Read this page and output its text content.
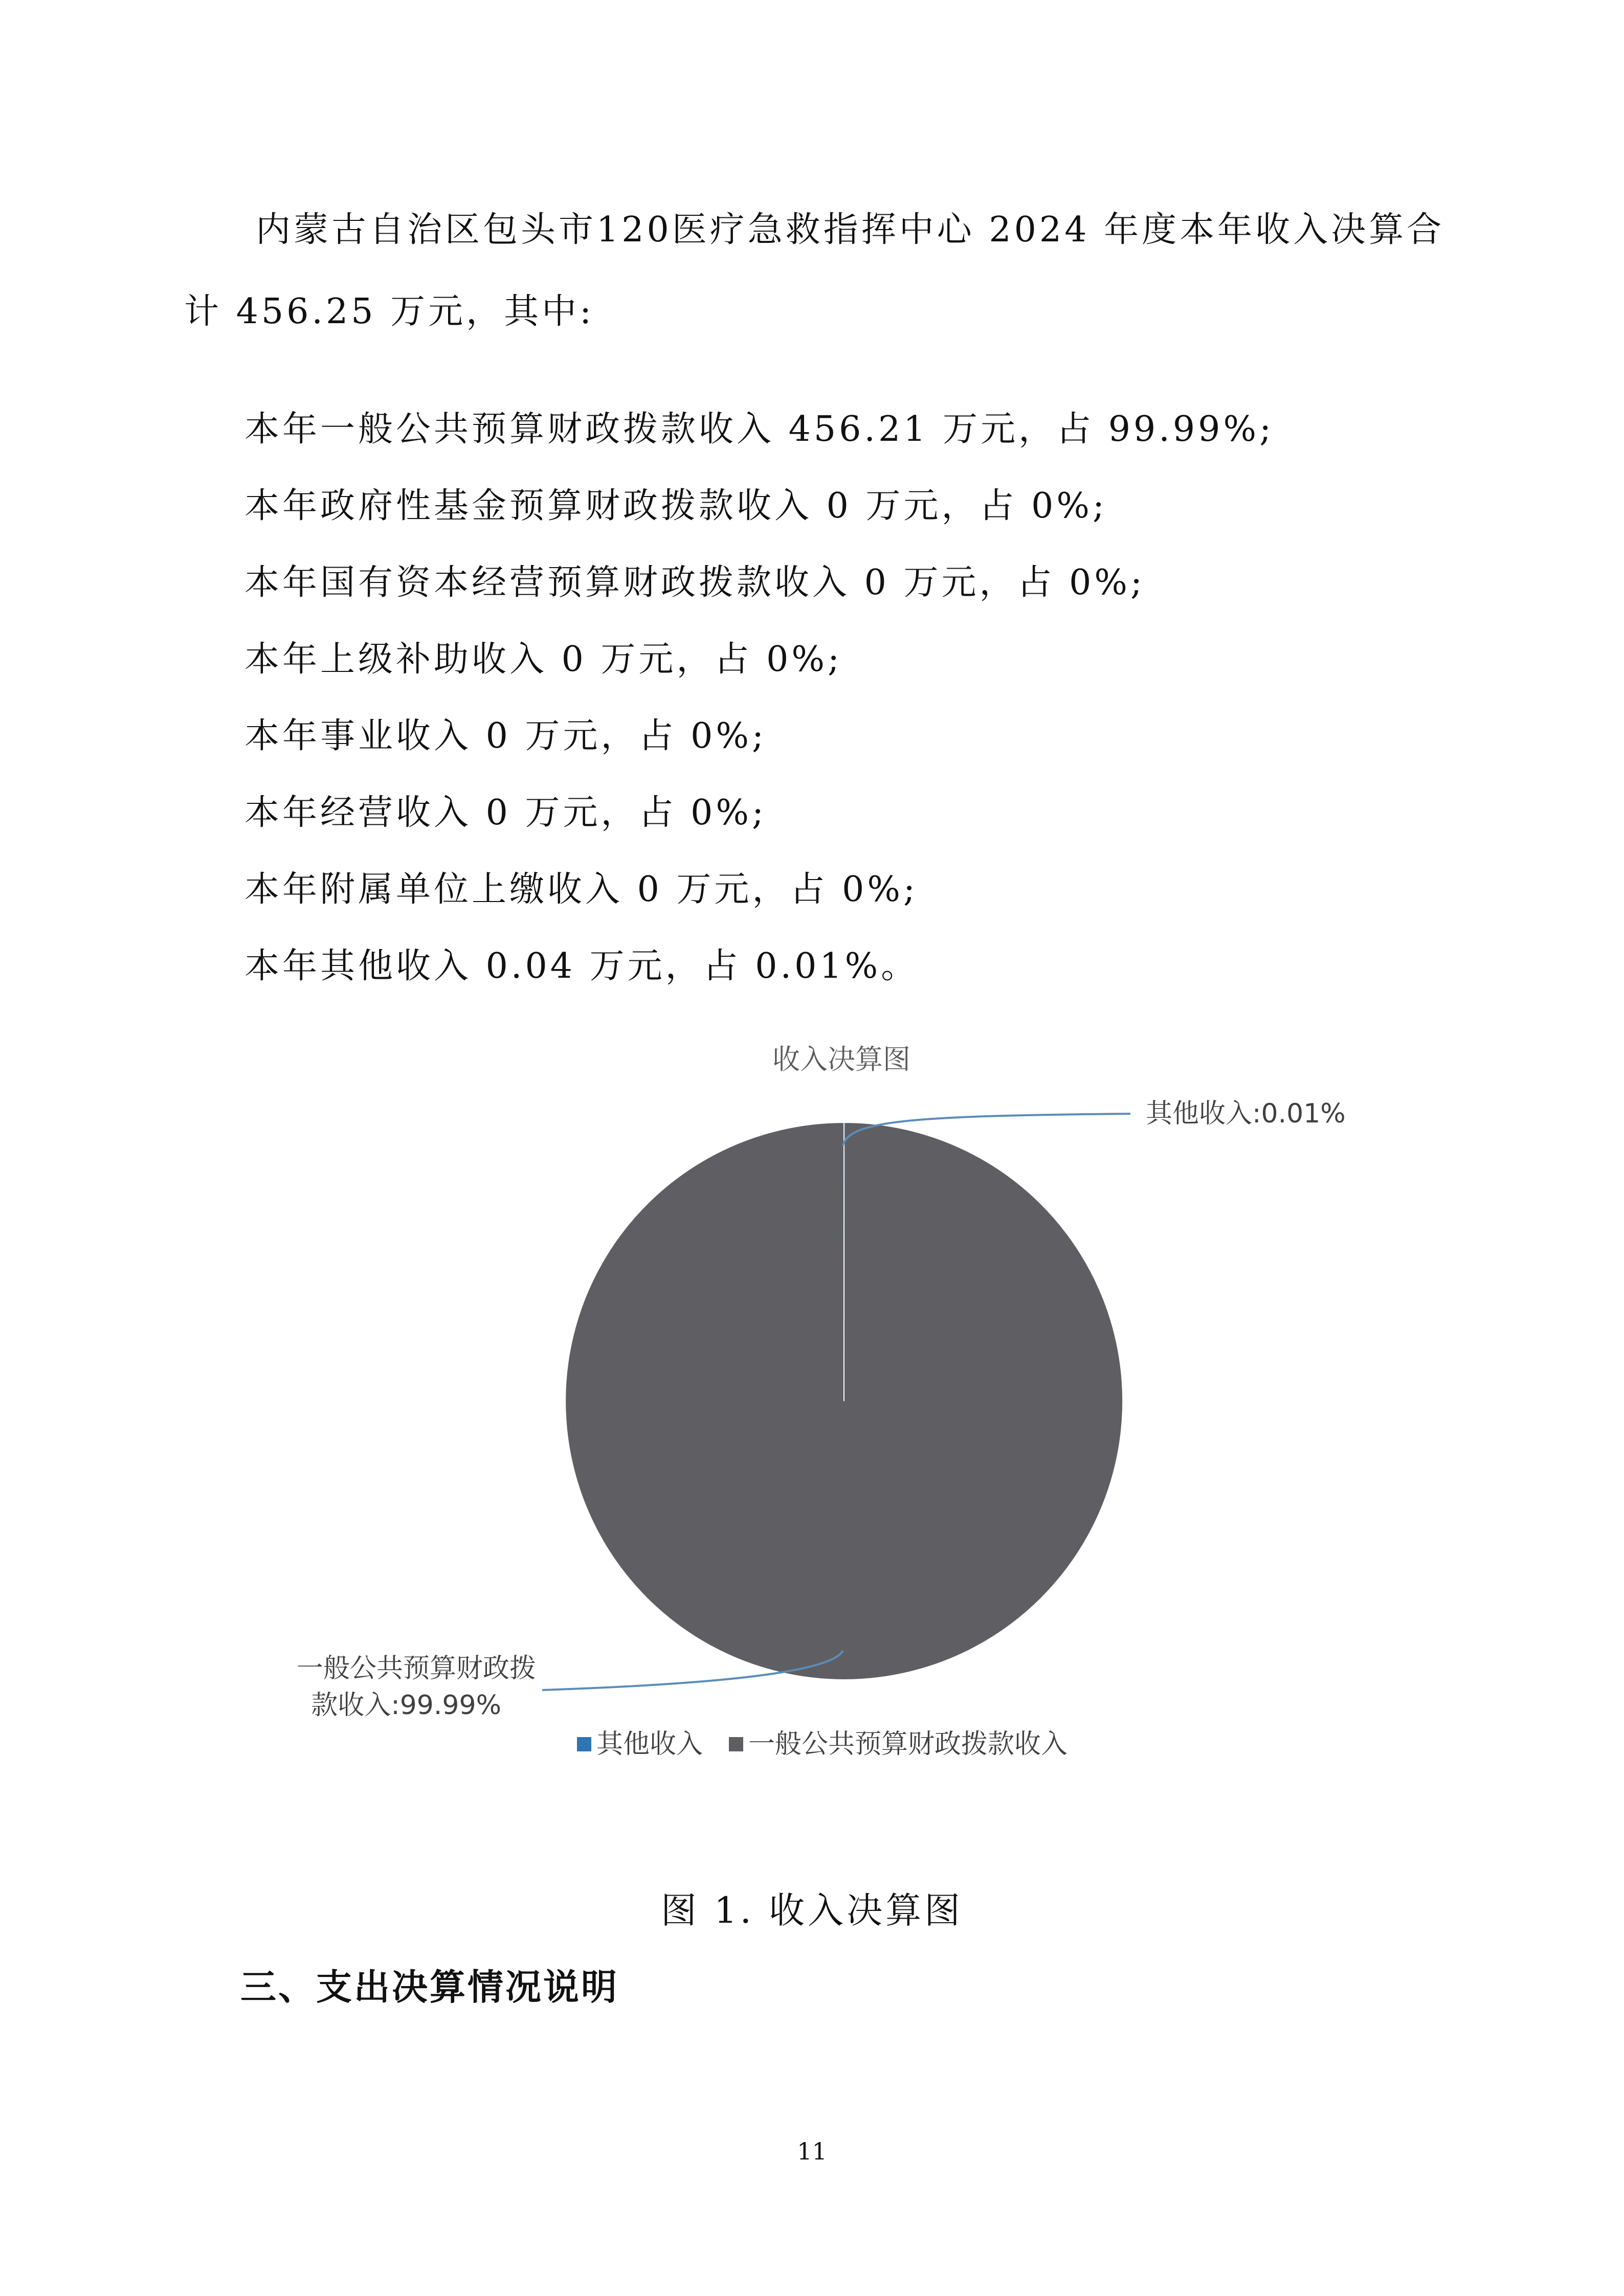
内蒙古自治区包头市120医疗急救指挥中心 2024 年度本年收入决算合

计 456.25 万元，其中:

本年一般公共预算财政拨款收入 456.21 万元，占 99.99%;

本年政府性基金预算财政拨款收入 0 万元，占 0%;

本年国有资本经营预算财政拨款收入 0 万元，占 0%;

本年上级补助收入 0 万元，占 0%;

本年事业收入 0 万元，占 0%;

本年经营收入 0 万元，占 0%;

本年附属单位上缴收入 0 万元，占 0%;

本年其他收入 0.04 万元，占 0.01%。

收入决算图
其他收入:0.01%
一般公共预算财政拨
款收入:99.99%
其他收入 一般公共预算财政拨款收入
图 1. 收入决算图
三、支出决算情况说明
11
